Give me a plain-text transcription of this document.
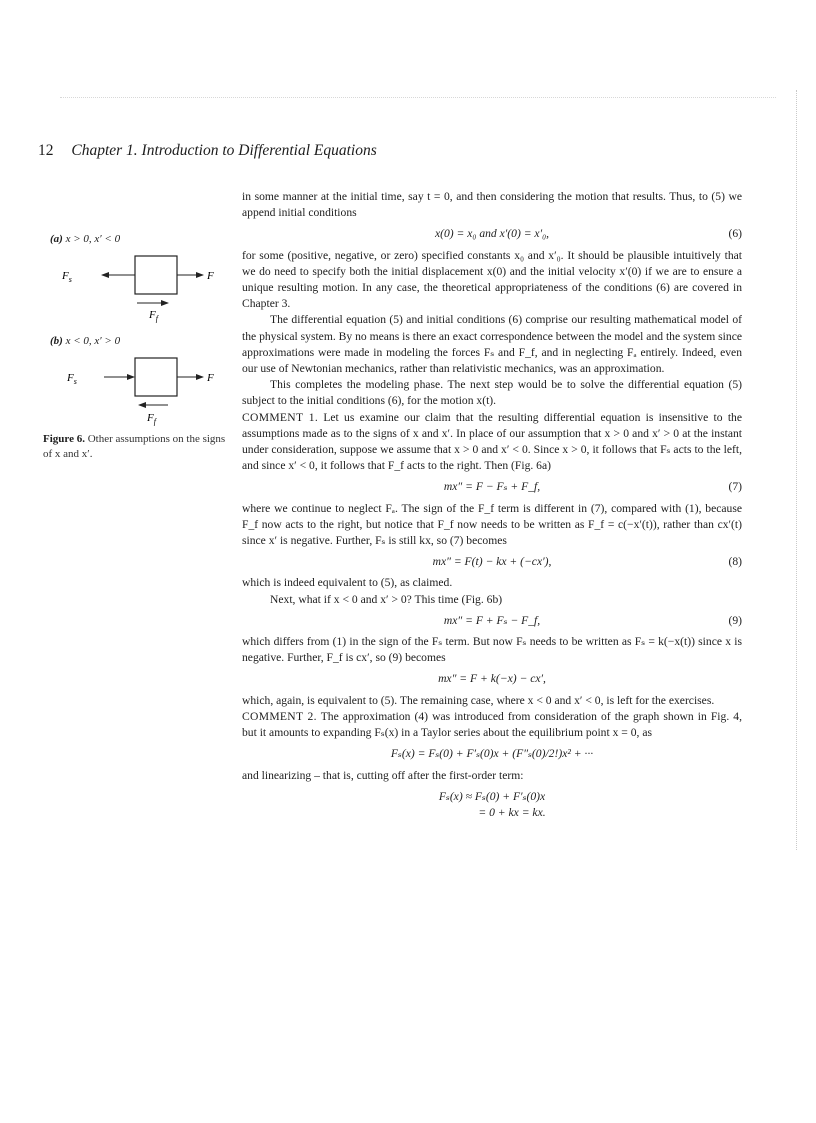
12 Chapter 1. Introduction to Differential Equations
(a) x > 0, x′ < 0
$F_s$	F
$F_f$
(b) x < 0, x′ > 0
$F_s$	F
$F_f$
Figure 6. Other assumptions on the signs of x and x′.

in some manner at the initial time, say t = 0, and then considering the motion that results. Thus, to (5) we append initial conditions

x(0) = x₀ and x′(0) = x′₀,	(6)

for some (positive, negative, or zero) specified constants x₀ and x′₀. It should be plausible intuitively that we do need to specify both the initial displacement x(0) and the initial velocity x′(0) if we are to ensure a unique resulting motion. In any case, the theoretical appropriateness of the conditions (6) are covered in Chapter 3.

The differential equation (5) and initial conditions (6) comprise our resulting mathematical model of the physical system. By no means is there an exact correspondence between the model and the system since approximations were made in modeling the forces Fₛ and F_f, and in neglecting Fₐ entirely. Indeed, even our use of Newtonian mechanics, rather than relativistic mechanics, was an approximation.

This completes the modeling phase. The next step would be to solve the differential equation (5) subject to the initial conditions (6), for the motion x(t).

COMMENT 1. Let us examine our claim that the resulting differential equation is insensitive to the assumptions made as to the signs of x and x′. In place of our assumption that x > 0 and x′ > 0 at the instant under consideration, suppose we assume that x > 0 and x′ < 0. Since x > 0, it follows that Fₛ acts to the left, and since x′ < 0, it follows that F_f acts to the right. Then (Fig. 6a)

mx″ = F − Fₛ + F_f,	(7)

where we continue to neglect Fₐ. The sign of the F_f term is different in (7), compared with (1), because F_f now acts to the right, but notice that F_f now needs to be written as F_f = c(−x′(t)), rather than cx′(t) since x′ is negative. Further, Fₛ is still kx, so (7) becomes

mx″ = F(t) − kx + (−cx′),	(8)

which is indeed equivalent to (5), as claimed.

Next, what if x < 0 and x′ > 0? This time (Fig. 6b)

mx″ = F + Fₛ − F_f,	(9)

which differs from (1) in the sign of the Fₛ term. But now Fₛ needs to be written as Fₛ = k(−x(t)) since x is negative. Further, F_f is cx′, so (9) becomes

mx″ = F + k(−x) − cx′,

which, again, is equivalent to (5). The remaining case, where x < 0 and x′ < 0, is left for the exercises.

COMMENT 2. The approximation (4) was introduced from consideration of the graph shown in Fig. 4, but it amounts to expanding Fₛ(x) in a Taylor series about the equilibrium point x = 0, as

Fₛ(x) = Fₛ(0) + F′ₛ(0)x + (F″ₛ(0)/2!)x² + ···

and linearizing – that is, cutting off after the first-order term:

Fₛ(x) ≈ Fₛ(0) + F′ₛ(0)x
= 0 + kx = kx.
